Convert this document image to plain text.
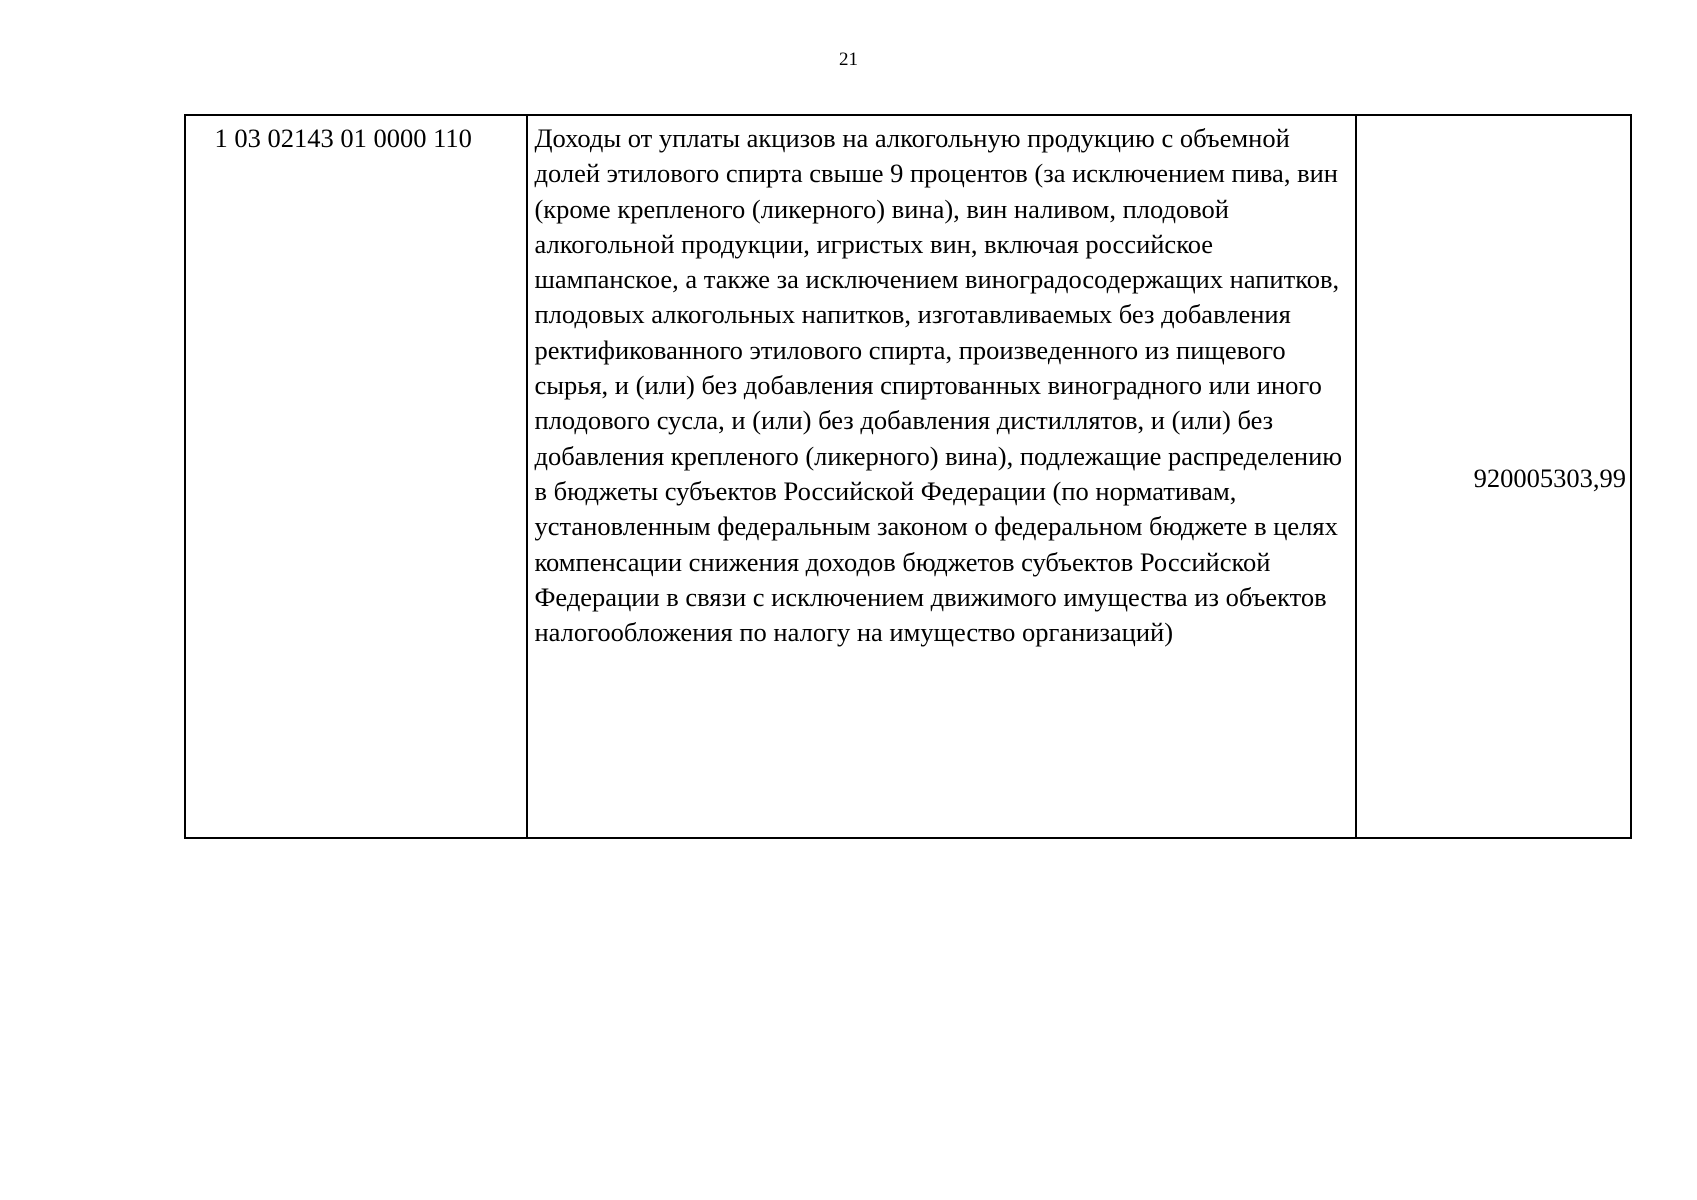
21
1 03 02143 01 0000 110	Доходы от уплаты акцизов на алкогольную продукцию с объемной долей этилового спирта свыше 9 процентов (за исключением пива, вин (кроме крепленого (ликерного) вина), вин наливом, плодовой алкогольной продукции, игристых вин, включая российское шампанское, а также за исключением виноградосодержащих напитков, плодовых алкогольных напитков, изготавливаемых без добавления ректификованного этилового спирта, произведенного из пищевого сырья, и (или) без добавления спиртованных виноградного или иного плодового сусла, и (или) без добавления дистиллятов, и (или) без добавления крепленого (ликерного) вина), подлежащие распределению в бюджеты субъектов Российской Федерации (по нормативам, установленным федеральным законом о федеральном бюджете в целях компенсации снижения доходов бюджетов субъектов Российской Федерации в связи с исключением движимого имущества из объектов налогообложения по налогу на имущество организаций)	920005303,99
